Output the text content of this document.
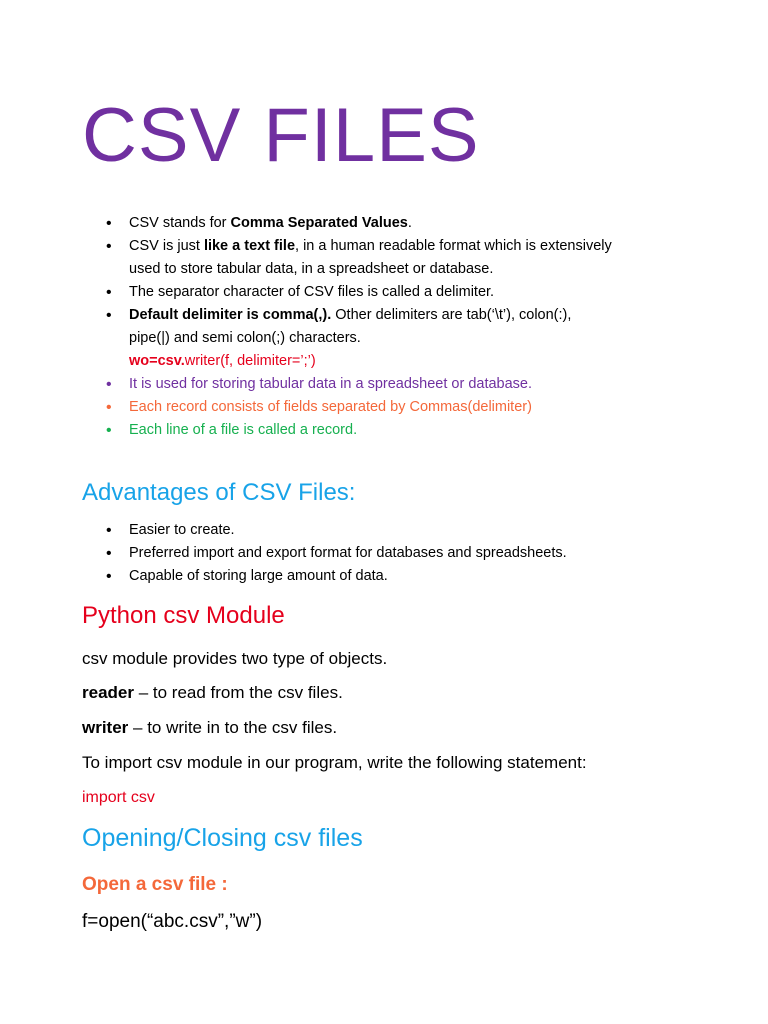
CSV FILES
• CSV stands for Comma Separated Values.
• CSV is just like a text file, in a human readable format which is extensively
used to store tabular data, in a spreadsheet or database.
• The separator character of CSV files is called a delimiter.
• Default delimiter is comma(,). Other delimiters are tab(‘\t’), colon(:),
pipe(|) and semi colon(;) characters.
wo=csv.writer(f, delimiter=’;’)
• It is used for storing tabular data in a spreadsheet or database.
• Each record consists of fields separated by Commas(delimiter)
• Each line of a file is called a record.
Advantages of CSV Files:
• Easier to create.
• Preferred import and export format for databases and spreadsheets.
• Capable of storing large amount of data.
Python csv Module
csv module provides two type of objects.
reader – to read from the csv files.
writer – to write in to the csv files.
To import csv module in our program, write the following statement:
import csv
Opening/Closing csv files
Open a csv file :
f=open(“abc.csv”,”w”)
